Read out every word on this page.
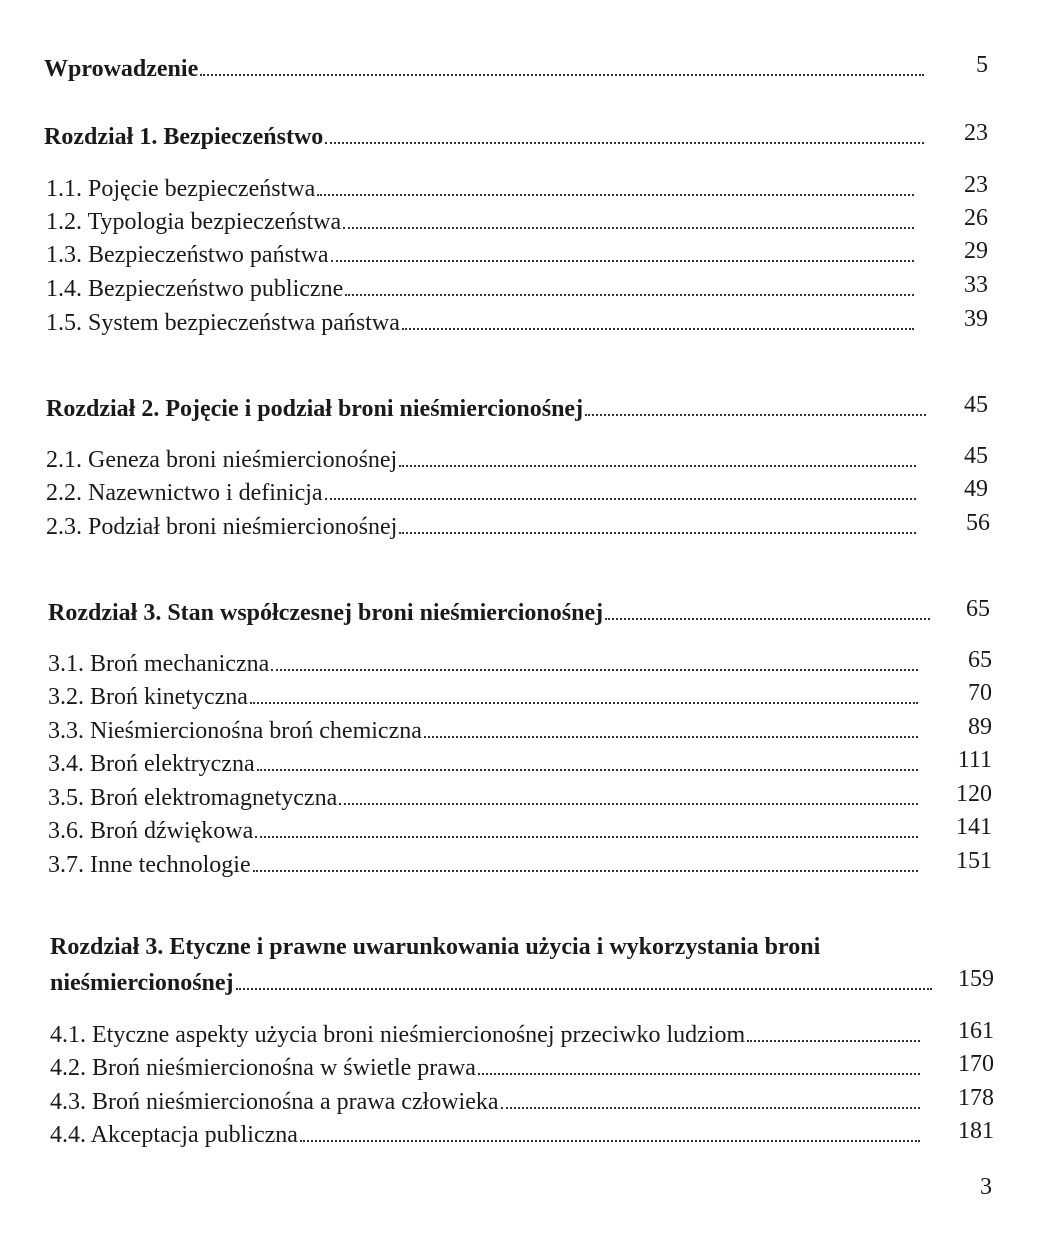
Wprowadzenie	5
Rozdział 1. Bezpieczeństwo	23
1.1. Pojęcie bezpieczeństwa	23
1.2. Typologia bezpieczeństwa	26
1.3. Bezpieczeństwo państwa	29
1.4. Bezpieczeństwo publiczne	33
1.5. System bezpieczeństwa państwa	39
Rozdział 2. Pojęcie i podział broni nieśmiercionośnej	45
2.1. Geneza broni nieśmiercionośnej	45
2.2. Nazewnictwo i definicja	49
2.3. Podział broni nieśmiercionośnej	56
Rozdział 3. Stan współczesnej broni nieśmiercionośnej	65
3.1. Broń mechaniczna	65
3.2. Broń kinetyczna	70
3.3. Nieśmiercionośna broń chemiczna	89
3.4. Broń elektryczna	111
3.5. Broń elektromagnetyczna	120
3.6. Broń dźwiękowa	141
3.7. Inne technologie	151
Rozdział 3. Etyczne i prawne uwarunkowania użycia i wykorzystania broni
nieśmiercionośnej	159
4.1. Etyczne aspekty użycia broni nieśmiercionośnej przeciwko ludziom	161
4.2. Broń nieśmiercionośna w świetle prawa	170
4.3. Broń nieśmiercionośna a prawa człowieka	178
4.4. Akceptacja publiczna	181
3
